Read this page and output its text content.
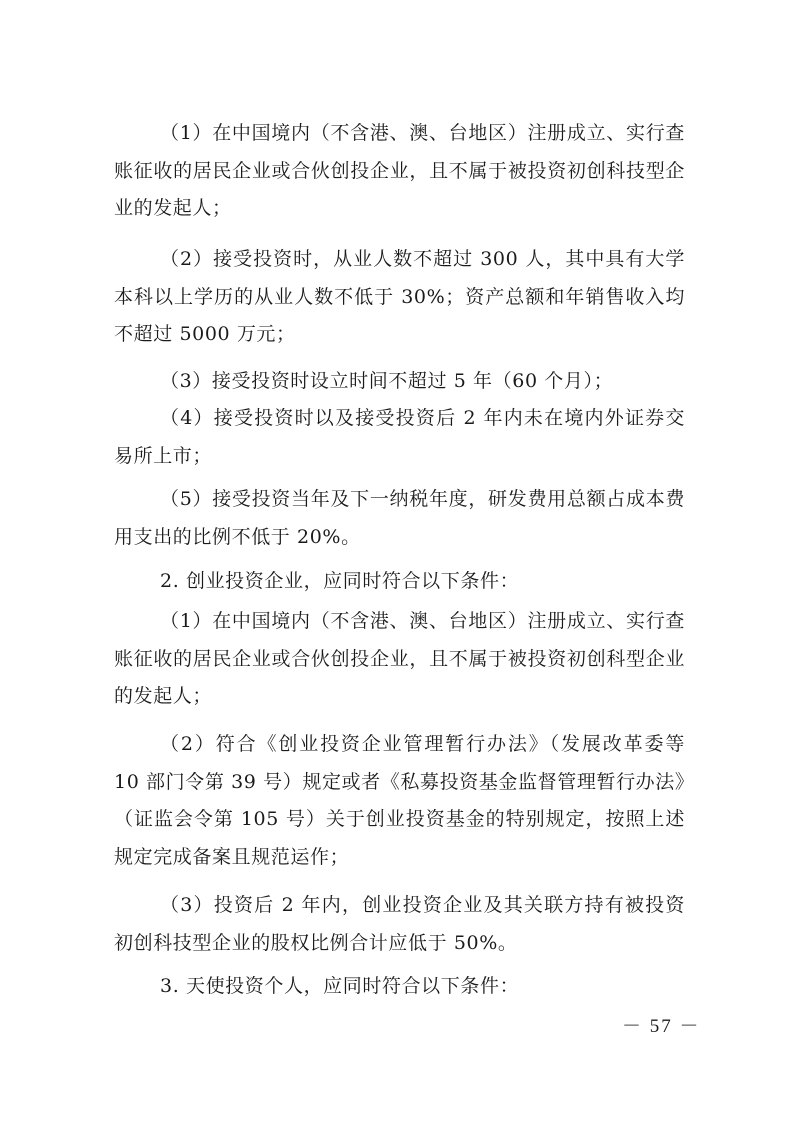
（1）在中国境内（不含港、澳、台地区）注册成立、实行查账征收的居民企业或合伙创投企业，且不属于被投资初创科技型企业的发起人；

（2）接受投资时，从业人数不超过 300 人，其中具有大学本科以上学历的从业人数不低于 30%；资产总额和年销售收入均不超过 5000 万元；

（3）接受投资时设立时间不超过 5 年（60 个月）；

（4）接受投资时以及接受投资后 2 年内未在境内外证券交易所上市；

（5）接受投资当年及下一纳税年度，研发费用总额占成本费用支出的比例不低于 20%。

2. 创业投资企业，应同时符合以下条件：

（1）在中国境内（不含港、澳、台地区）注册成立、实行查账征收的居民企业或合伙创投企业，且不属于被投资初创科型企业的发起人；

（2）符合《创业投资企业管理暂行办法》（发展改革委等 10 部门令第 39 号）规定或者《私募投资基金监督管理暂行办法》（证监会令第 105 号）关于创业投资基金的特别规定，按照上述规定完成备案且规范运作；

（3）投资后 2 年内，创业投资企业及其关联方持有被投资初创科技型企业的股权比例合计应低于 50%。

3. 天使投资个人，应同时符合以下条件：

－ 57 －
